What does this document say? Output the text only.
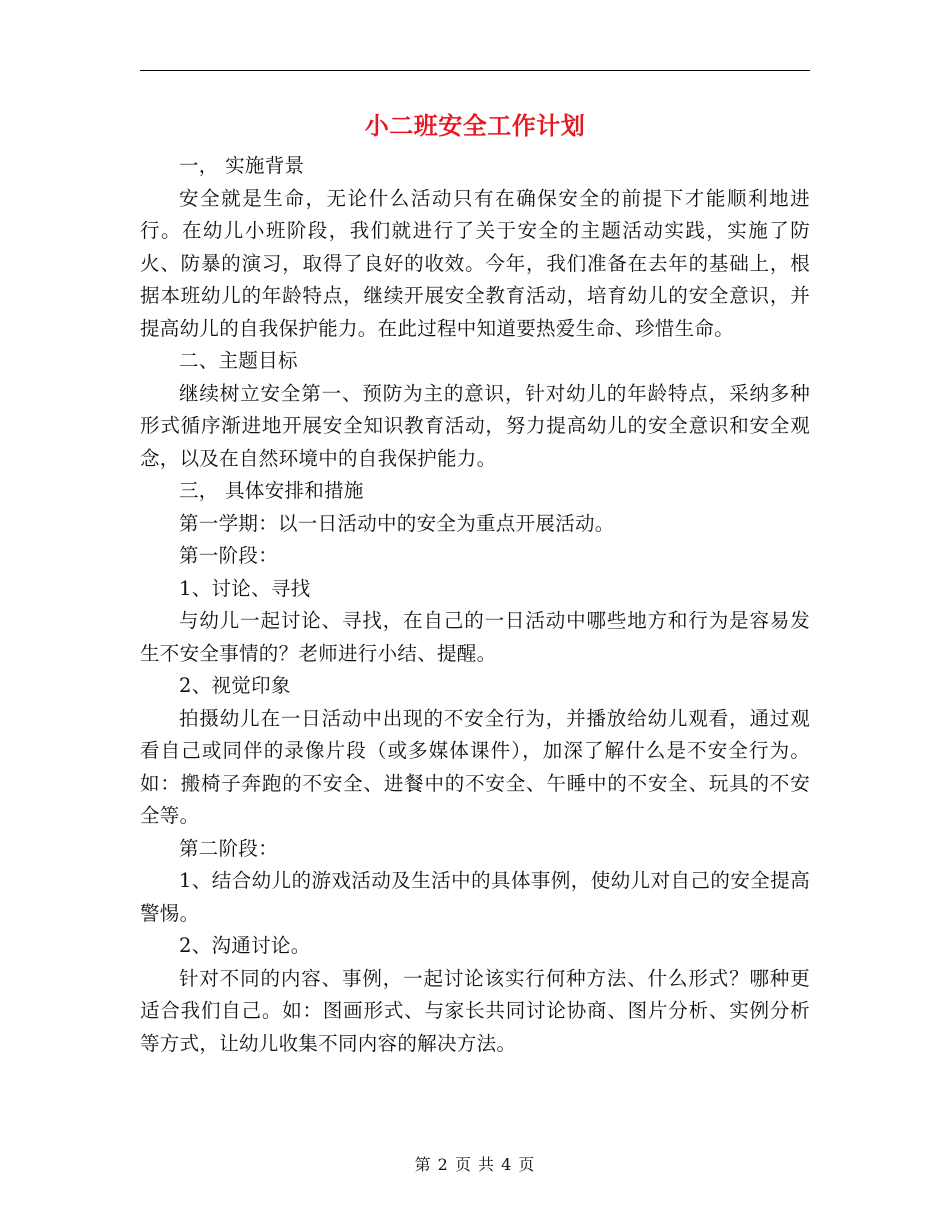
小二班安全工作计划

一， 实施背景

安全就是生命，无论什么活动只有在确保安全的前提下才能顺利地进行。在幼儿小班阶段，我们就进行了关于安全的主题活动实践，实施了防火、防暴的演习，取得了良好的收效。今年，我们准备在去年的基础上，根据本班幼儿的年龄特点，继续开展安全教育活动，培育幼儿的安全意识，并提高幼儿的自我保护能力。在此过程中知道要热爱生命、珍惜生命。

二、主题目标

继续树立安全第一、预防为主的意识，针对幼儿的年龄特点，采纳多种形式循序渐进地开展安全知识教育活动，努力提高幼儿的安全意识和安全观念，以及在自然环境中的自我保护能力。

三， 具体安排和措施

第一学期：以一日活动中的安全为重点开展活动。

第一阶段：

1、讨论、寻找

与幼儿一起讨论、寻找，在自己的一日活动中哪些地方和行为是容易发生不安全事情的？老师进行小结、提醒。

2、视觉印象

拍摄幼儿在一日活动中出现的不安全行为，并播放给幼儿观看，通过观看自己或同伴的录像片段（或多媒体课件），加深了解什么是不安全行为。如：搬椅子奔跑的不安全、进餐中的不安全、午睡中的不安全、玩具的不安全等。

第二阶段：

1、结合幼儿的游戏活动及生活中的具体事例，使幼儿对自己的安全提高警惕。

2、沟通讨论。

针对不同的内容、事例，一起讨论该实行何种方法、什么形式？哪种更适合我们自己。如：图画形式、与家长共同讨论协商、图片分析、实例分析等方式，让幼儿收集不同内容的解决方法。

第 2 页 共 4 页
